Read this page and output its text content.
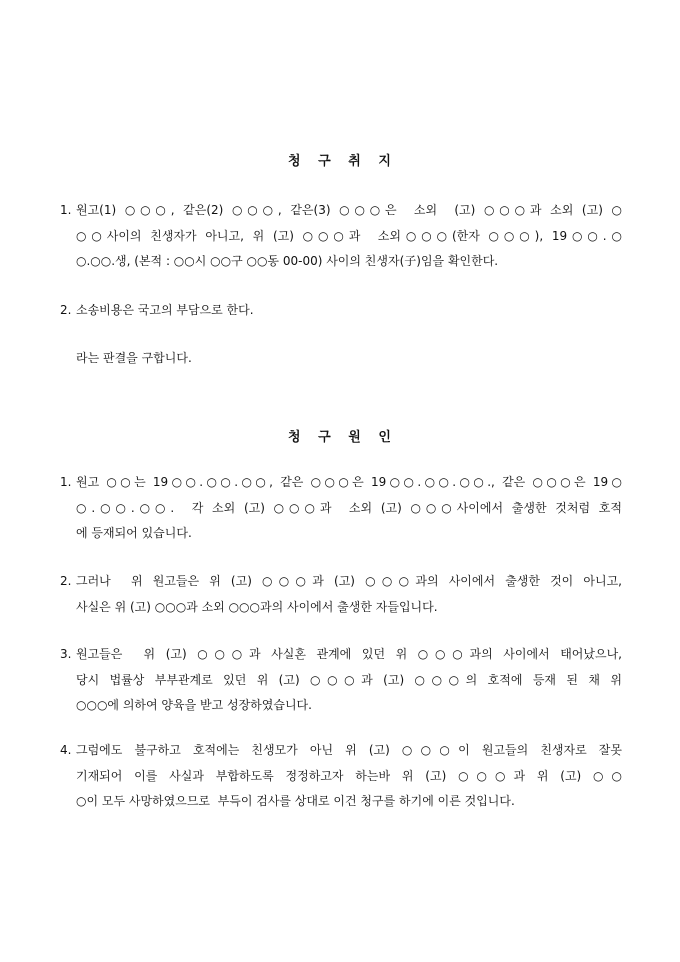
청   구   취   지
1. 원고(1) ○○○, 같은(2) ○○○, 같은(3) ○○○은  소외  (고) ○○○과 소외 (고) ○
○○사이의 친생자가 아니고, 위 (고) ○○○과  소외○○○(한자 ○○○), 19○○.○
○.○○.생, (본적 : ○○시 ○○구 ○○동 00-00) 사이의 친생자(子)임을 확인한다.
2. 소송비용은 국고의 부담으로 한다.
라는 판결을 구합니다.
청   구   원   인
1. 원고 ○○는 19○○.○○.○○, 같은 ○○○은 19○○.○○.○○., 같은 ○○○은 19○
○.○○.○○.  각 소외 (고) ○○○과  소외 (고) ○○○사이에서 출생한 것처럼 호적
에 등재되어 있습니다.
2. 그러나  위 원고들은 위 (고) ○○○과 (고) ○○○과의 사이에서 출생한 것이 아니고,
사실은 위 (고) ○○○과 소외 ○○○과의 사이에서 출생한 자들입니다.
3. 원고들은  위 (고) ○○○과 사실혼 관계에 있던 위 ○○○과의 사이에서 태어났으나,
당시 법률상 부부관계로 있던 위 (고) ○○○과 (고) ○○○의 호적에 등재 된 채 위
○○○에 의하여 양육을 받고 성장하였습니다.
4. 그럼에도 불구하고 호적에는 친생모가 아닌 위 (고) ○○○이 원고들의 친생자로 잘못
기재되어 이를 사실과 부합하도록 정정하고자 하는바 위 (고) ○○○과 위 (고) ○○
○이 모두 사망하였으므로  부득이 검사를 상대로 이건 청구를 하기에 이른 것입니다.
